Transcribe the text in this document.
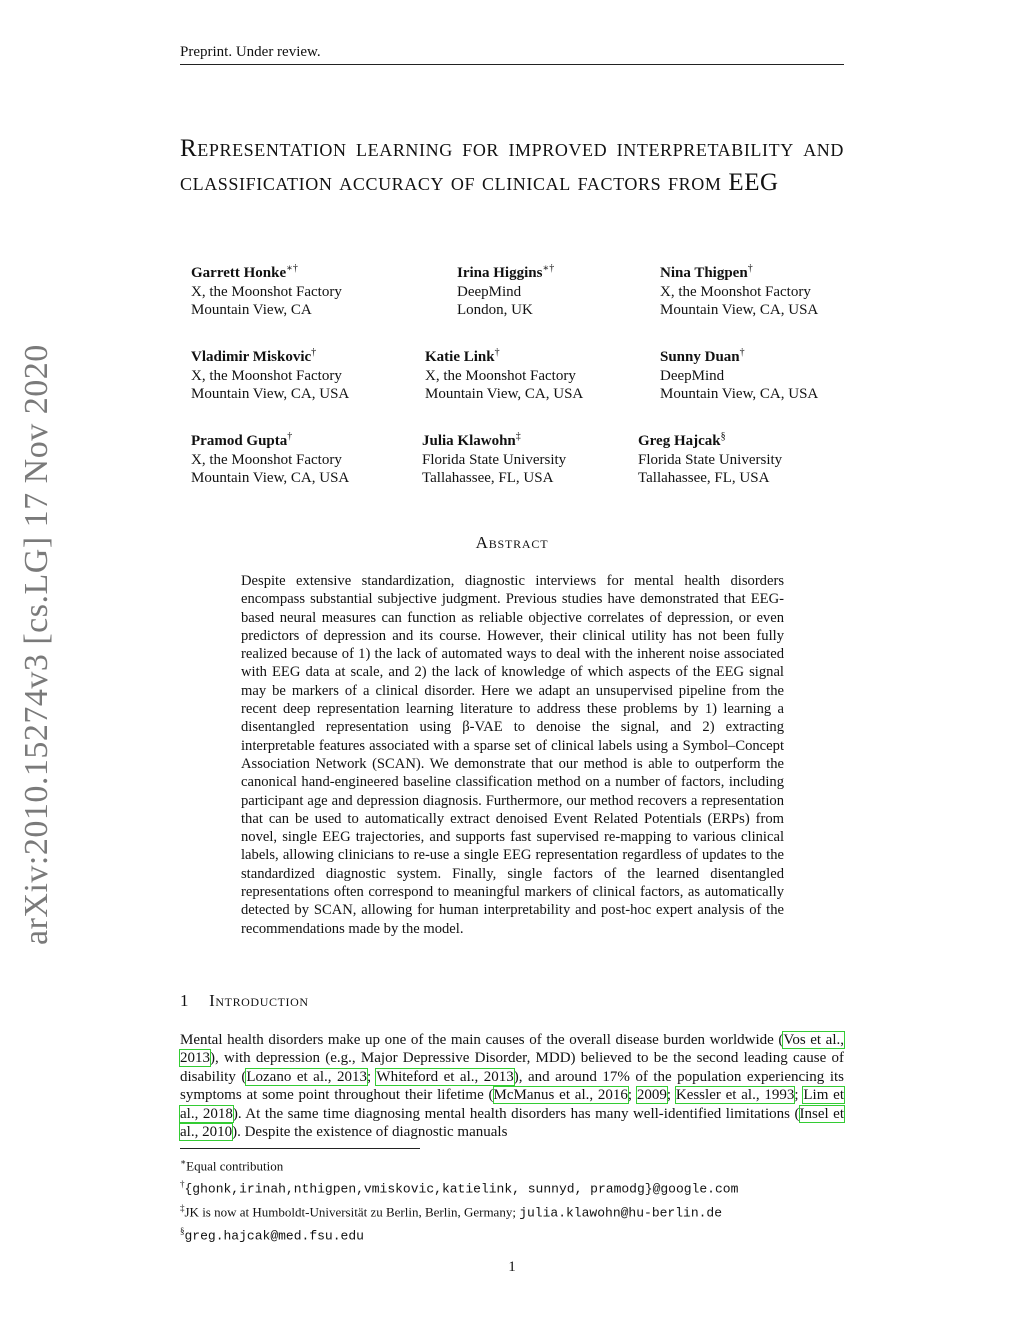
Preprint. Under review.
arXiv:2010.15274v3 [cs.LG] 17 Nov 2020
Representation learning for improved interpretability and classification accuracy of clinical factors from EEG
Garrett Honke∗†
X, the Moonshot Factory
Mountain View, CA
Irina Higgins∗†
DeepMind
London, UK
Nina Thigpen†
X, the Moonshot Factory
Mountain View, CA, USA
Vladimir Miskovic†
X, the Moonshot Factory
Mountain View, CA, USA
Katie Link†
X, the Moonshot Factory
Mountain View, CA, USA
Sunny Duan†
DeepMind
Mountain View, CA, USA
Pramod Gupta†
X, the Moonshot Factory
Mountain View, CA, USA
Julia Klawohn‡
Florida State University
Tallahassee, FL, USA
Greg Hajcak§
Florida State University
Tallahassee, FL, USA
Abstract
Despite extensive standardization, diagnostic interviews for mental health disorders encompass substantial subjective judgment. Previous studies have demonstrated that EEG-based neural measures can function as reliable objective correlates of depression, or even predictors of depression and its course. However, their clinical utility has not been fully realized because of 1) the lack of automated ways to deal with the inherent noise associated with EEG data at scale, and 2) the lack of knowledge of which aspects of the EEG signal may be markers of a clinical disorder. Here we adapt an unsupervised pipeline from the recent deep representation learning literature to address these problems by 1) learning a disentangled representation using β-VAE to denoise the signal, and 2) extracting interpretable features associated with a sparse set of clinical labels using a Symbol–Concept Association Network (SCAN). We demonstrate that our method is able to outperform the canonical hand-engineered baseline classification method on a number of factors, including participant age and depression diagnosis. Furthermore, our method recovers a representation that can be used to automatically extract denoised Event Related Potentials (ERPs) from novel, single EEG trajectories, and supports fast supervised re-mapping to various clinical labels, allowing clinicians to re-use a single EEG representation regardless of updates to the standardized diagnostic system. Finally, single factors of the learned disentangled representations often correspond to meaningful markers of clinical factors, as automatically detected by SCAN, allowing for human interpretability and post-hoc expert analysis of the recommendations made by the model.
1 Introduction
Mental health disorders make up one of the main causes of the overall disease burden worldwide (Vos et al., 2013), with depression (e.g., Major Depressive Disorder, MDD) believed to be the second leading cause of disability (Lozano et al., 2013; Whiteford et al., 2013), and around 17% of the population experiencing its symptoms at some point throughout their lifetime (McManus et al., 2016; 2009; Kessler et al., 1993; Lim et al., 2018). At the same time diagnosing mental health disorders has many well-identified limitations (Insel et al., 2010). Despite the existence of diagnostic manuals
∗Equal contribution
†{ghonk,irinah,nthigpen,vmiskovic,katielink, sunnyd, pramodg}@google.com
‡JK is now at Humboldt-Universität zu Berlin, Berlin, Germany; julia.klawohn@hu-berlin.de
§greg.hajcak@med.fsu.edu
1
